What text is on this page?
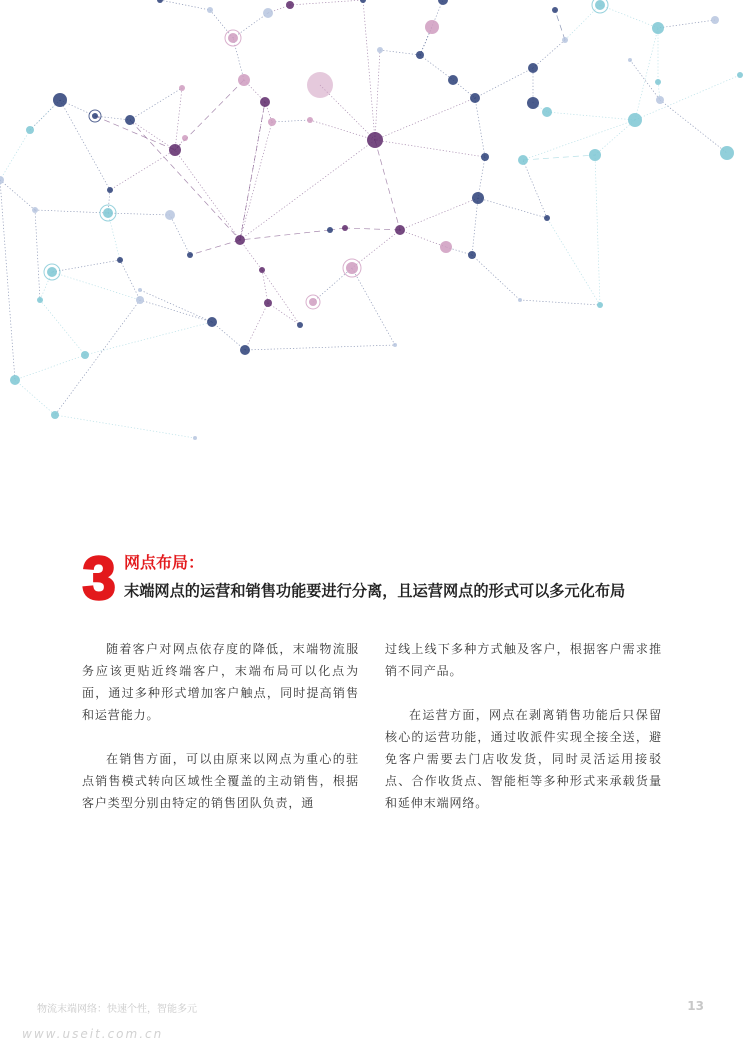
3 网点布局：
末端网点的运营和销售功能要进行分离，且运营网点的形式可以多元化布局

随着客户对网点依存度的降低，末端物流服务应该更贴近终端客户，末端布局可以化点为面，通过多种形式增加客户触点，同时提高销售和运营能力。

在销售方面，可以由原来以网点为重心的驻点销售模式转向区域性全覆盖的主动销售，根据客户类型分别由特定的销售团队负责，通

过线上线下多种方式触及客户，根据客户需求推销不同产品。

在运营方面，网点在剥离销售功能后只保留核心的运营功能，通过收派件实现全接全送，避免客户需要去门店收发货，同时灵活运用接驳点、合作收货点、智能柜等多种形式来承载货量和延伸末端网络。

物流末端网络：快速个性，智能多元	13
www.useit.com.cn
